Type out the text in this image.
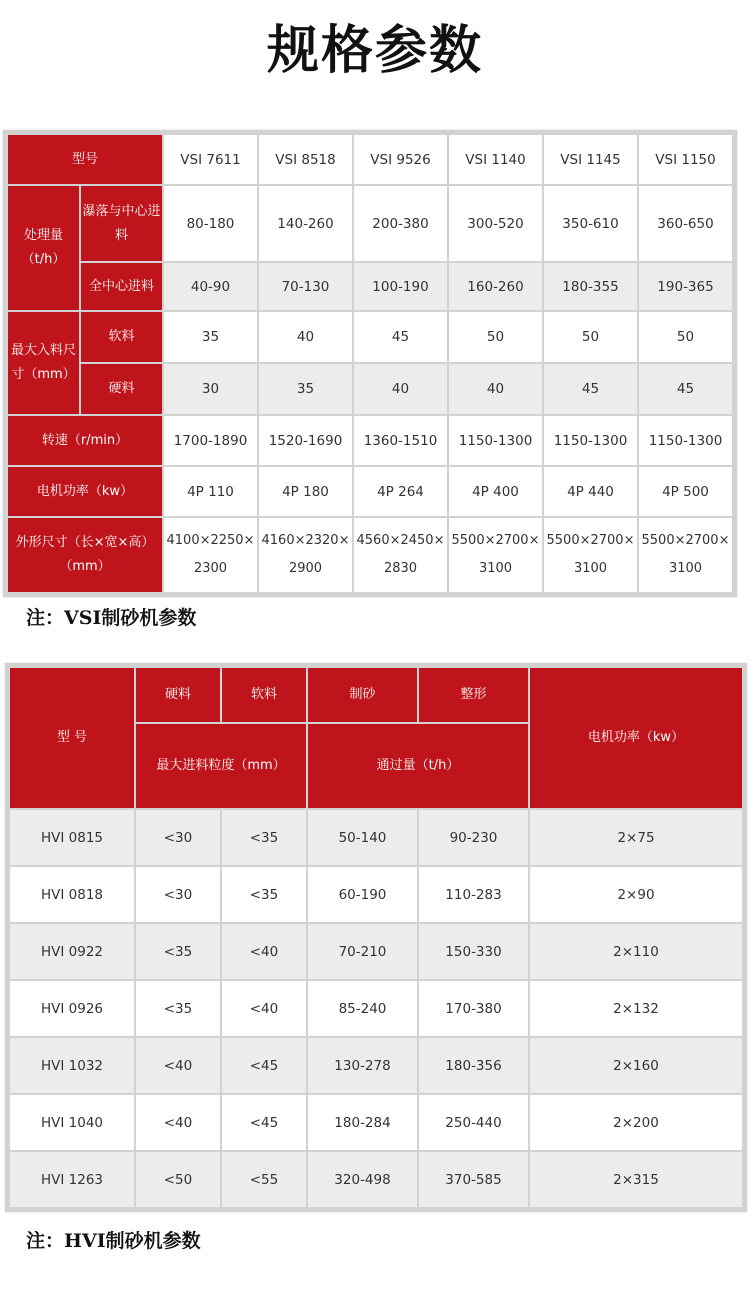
规格参数
型号		VSI 7611	VSI 8518	VSI 9526	VSI 1140	VSI 1145	VSI 1150
处理量（t/h）	瀑落与中心进料	80-180	140-260	200-380	300-520	350-610	360-650
	全中心进料	40-90	70-130	100-190	160-260	180-355	190-365
最大入料尺寸（mm）	软料	35	40	45	50	50	50
	硬料	30	35	40	40	45	45
转速（r/min）		1700-1890	1520-1690	1360-1510	1150-1300	1150-1300	1150-1300
电机功率（kw）		4P 110	4P 180	4P 264	4P 400	4P 440	4P 500
外形尺寸（长×宽×高）（mm）		4100×2250×2300	4160×2320×2900	4560×2450×2830	5500×2700×3100	5500×2700×3100	5500×2700×3100
注：VSI制砂机参数
型 号	硬料	软料	制砂	整形	电机功率（kw）
	最大进料粒度（mm）		通过量（t/h）		
HVI 0815	<30	<35	50-140	90-230	2×75
HVI 0818	<30	<35	60-190	110-283	2×90
HVI 0922	<35	<40	70-210	150-330	2×110
HVI 0926	<35	<40	85-240	170-380	2×132
HVI 1032	<40	<45	130-278	180-356	2×160
HVI 1040	<40	<45	180-284	250-440	2×200
HVI 1263	<50	<55	320-498	370-585	2×315
注：HVI制砂机参数
